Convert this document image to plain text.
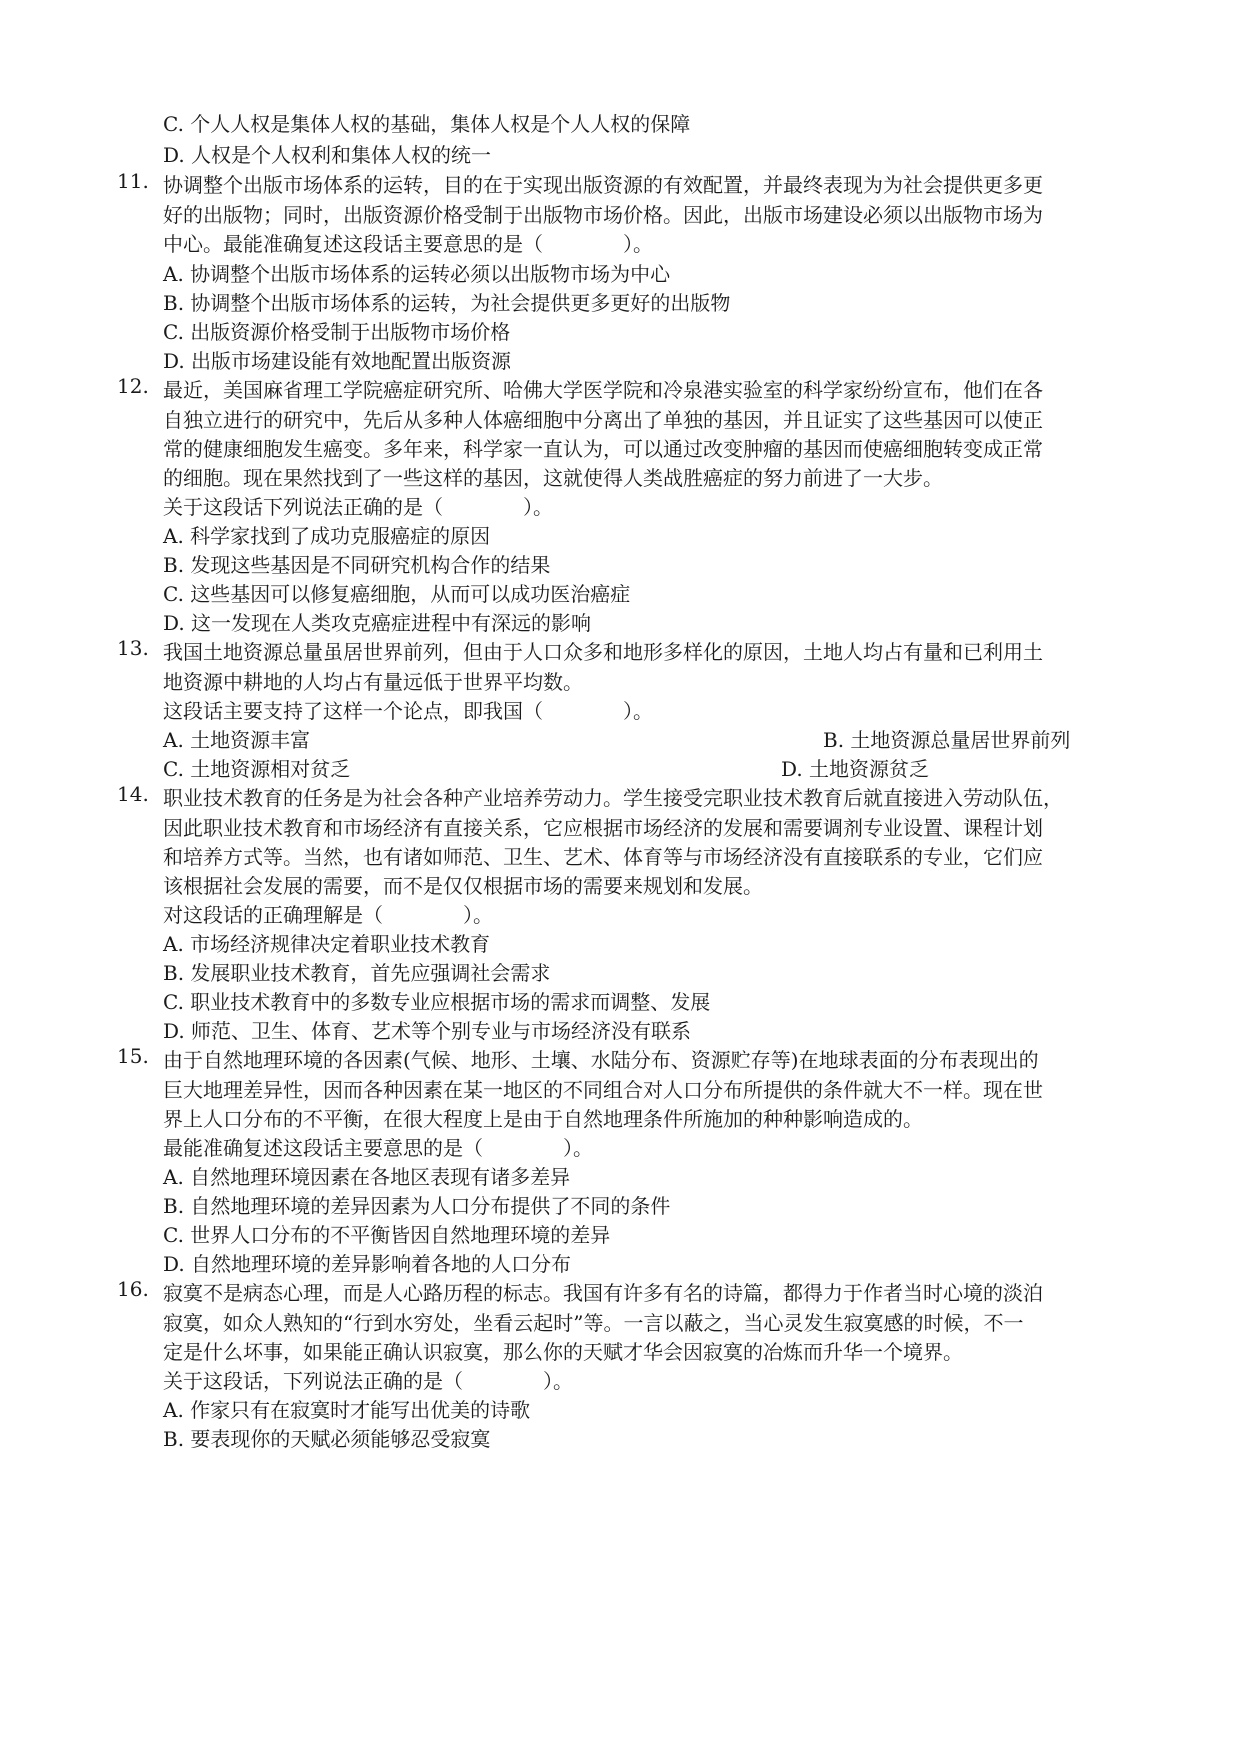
C. 个人人权是集体人权的基础，集体人权是个人人权的保障
D. 人权是个人权利和集体人权的统一
11. 协调整个出版市场体系的运转，目的在于实现出版资源的有效配置，并最终表现为为社会提供更多更
好的出版物；同时，出版资源价格受制于出版物市场价格。因此，出版市场建设必须以出版物市场为
中心。最能准确复述这段话主要意思的是（　　　　）。
A. 协调整个出版市场体系的运转必须以出版物市场为中心
B. 协调整个出版市场体系的运转，为社会提供更多更好的出版物
C. 出版资源价格受制于出版物市场价格
D. 出版市场建设能有效地配置出版资源
12. 最近，美国麻省理工学院癌症研究所、哈佛大学医学院和冷泉港实验室的科学家纷纷宣布，他们在各
自独立进行的研究中，先后从多种人体癌细胞中分离出了单独的基因，并且证实了这些基因可以使正
常的健康细胞发生癌变。多年来，科学家一直认为，可以通过改变肿瘤的基因而使癌细胞转变成正常
的细胞。现在果然找到了一些这样的基因，这就使得人类战胜癌症的努力前进了一大步。
关于这段话下列说法正确的是（　　　　）。
A. 科学家找到了成功克服癌症的原因
B. 发现这些基因是不同研究机构合作的结果
C. 这些基因可以修复癌细胞，从而可以成功医治癌症
D. 这一发现在人类攻克癌症进程中有深远的影响
13. 我国土地资源总量虽居世界前列，但由于人口众多和地形多样化的原因，土地人均占有量和已利用土
地资源中耕地的人均占有量远低于世界平均数。
这段话主要支持了这样一个论点，即我国（　　　　）。
A. 土地资源丰富	B. 土地资源总量居世界前列
C. 土地资源相对贫乏	D. 土地资源贫乏
14. 职业技术教育的任务是为社会各种产业培养劳动力。学生接受完职业技术教育后就直接进入劳动队伍，
因此职业技术教育和市场经济有直接关系，它应根据市场经济的发展和需要调剂专业设置、课程计划
和培养方式等。当然，也有诸如师范、卫生、艺术、体育等与市场经济没有直接联系的专业，它们应
该根据社会发展的需要，而不是仅仅根据市场的需要来规划和发展。
对这段话的正确理解是（　　　　）。
A. 市场经济规律决定着职业技术教育
B. 发展职业技术教育，首先应强调社会需求
C. 职业技术教育中的多数专业应根据市场的需求而调整、发展
D. 师范、卫生、体育、艺术等个别专业与市场经济没有联系
15. 由于自然地理环境的各因素(气候、地形、土壤、水陆分布、资源贮存等)在地球表面的分布表现出的
巨大地理差异性，因而各种因素在某一地区的不同组合对人口分布所提供的条件就大不一样。现在世
界上人口分布的不平衡，在很大程度上是由于自然地理条件所施加的种种影响造成的。
最能准确复述这段话主要意思的是（　　　　）。
A. 自然地理环境因素在各地区表现有诸多差异
B. 自然地理环境的差异因素为人口分布提供了不同的条件
C. 世界人口分布的不平衡皆因自然地理环境的差异
D. 自然地理环境的差异影响着各地的人口分布
16. 寂寞不是病态心理，而是人心路历程的标志。我国有许多有名的诗篇，都得力于作者当时心境的淡泊
寂寞，如众人熟知的“行到水穷处，坐看云起时”等。一言以蔽之，当心灵发生寂寞感的时候，不一
定是什么坏事，如果能正确认识寂寞，那么你的天赋才华会因寂寞的冶炼而升华一个境界。
关于这段话，下列说法正确的是（　　　　）。
A. 作家只有在寂寞时才能写出优美的诗歌
B. 要表现你的天赋必须能够忍受寂寞
